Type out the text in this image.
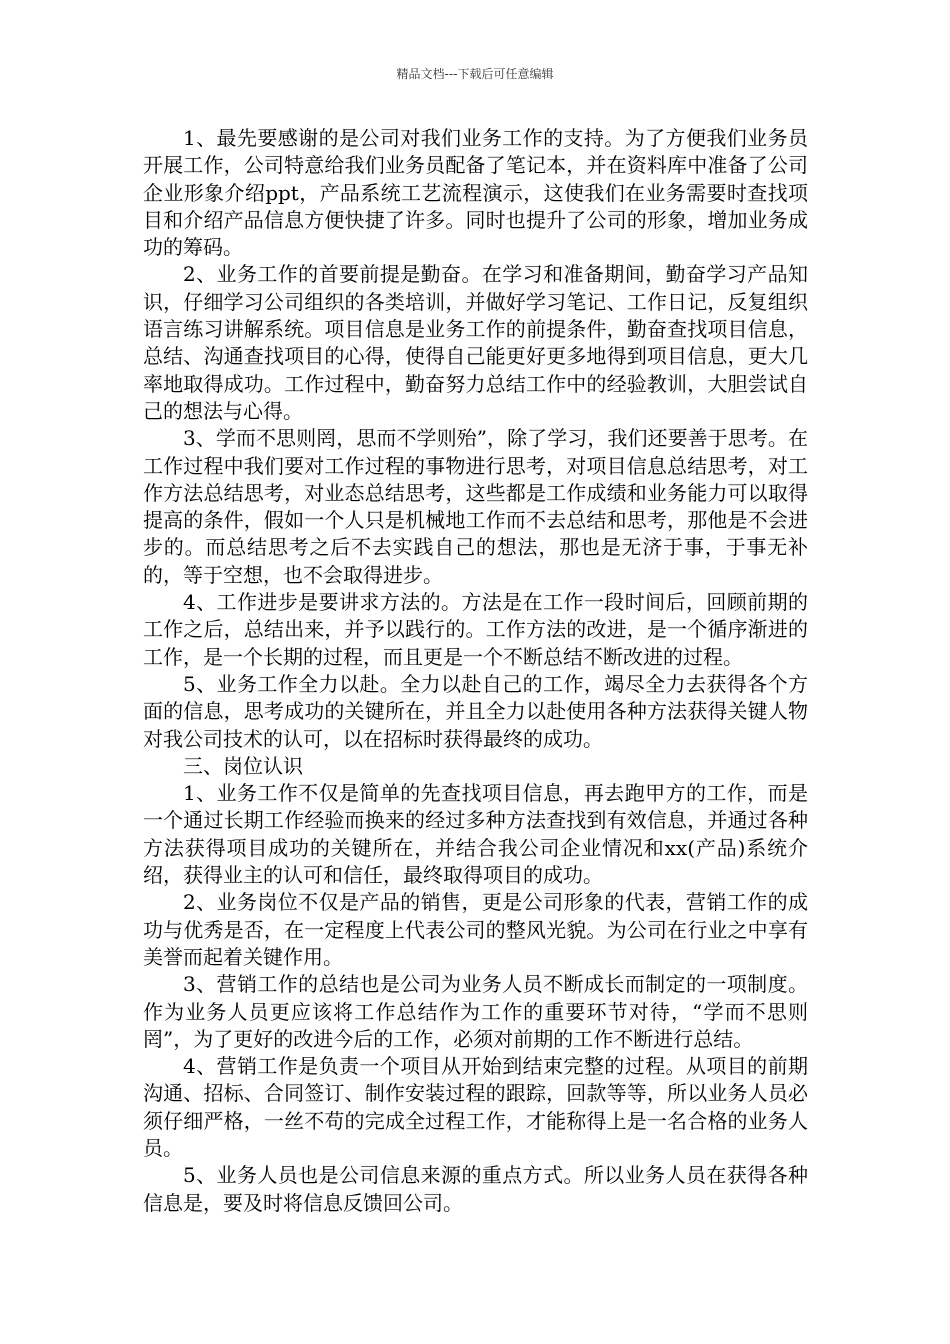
精品文档---下载后可任意编辑

1、最先要感谢的是公司对我们业务工作的支持。为了方便我们业务员开展工作，公司特意给我们业务员配备了笔记本，并在资料库中准备了公司企业形象介绍ppt，产品系统工艺流程演示，这使我们在业务需要时查找项目和介绍产品信息方便快捷了许多。同时也提升了公司的形象，增加业务成功的筹码。

2、业务工作的首要前提是勤奋。在学习和准备期间，勤奋学习产品知识，仔细学习公司组织的各类培训，并做好学习笔记、工作日记，反复组织语言练习讲解系统。项目信息是业务工作的前提条件，勤奋查找项目信息，总结、沟通查找项目的心得，使得自己能更好更多地得到项目信息，更大几率地取得成功。工作过程中，勤奋努力总结工作中的经验教训，大胆尝试自己的想法与心得。

3、学而不思则罔，思而不学则殆”，除了学习，我们还要善于思考。在工作过程中我们要对工作过程的事物进行思考，对项目信息总结思考，对工作方法总结思考，对业态总结思考，这些都是工作成绩和业务能力可以取得提高的条件，假如一个人只是机械地工作而不去总结和思考，那他是不会进步的。而总结思考之后不去实践自己的想法，那也是无济于事，于事无补的，等于空想，也不会取得进步。

4、工作进步是要讲求方法的。方法是在工作一段时间后，回顾前期的工作之后，总结出来，并予以践行的。工作方法的改进，是一个循序渐进的工作，是一个长期的过程，而且更是一个不断总结不断改进的过程。

5、业务工作全力以赴。全力以赴自己的工作，竭尽全力去获得各个方面的信息，思考成功的关键所在，并且全力以赴使用各种方法获得关键人物对我公司技术的认可，以在招标时获得最终的成功。

三、岗位认识

1、业务工作不仅是简单的先查找项目信息，再去跑甲方的工作，而是一个通过长期工作经验而换来的经过多种方法查找到有效信息，并通过各种方法获得项目成功的关键所在，并结合我公司企业情况和xx(产品)系统介绍，获得业主的认可和信任，最终取得项目的成功。

2、业务岗位不仅是产品的销售，更是公司形象的代表，营销工作的成功与优秀是否，在一定程度上代表公司的整风光貌。为公司在行业之中享有美誉而起着关键作用。

3、营销工作的总结也是公司为业务人员不断成长而制定的一项制度。作为业务人员更应该将工作总结作为工作的重要环节对待，“学而不思则罔”，为了更好的改进今后的工作，必须对前期的工作不断进行总结。

4、营销工作是负责一个项目从开始到结束完整的过程。从项目的前期沟通、招标、合同签订、制作安装过程的跟踪，回款等等，所以业务人员必须仔细严格，一丝不苟的完成全过程工作，才能称得上是一名合格的业务人员。

5、业务人员也是公司信息来源的重点方式。所以业务人员在获得各种信息是，要及时将信息反馈回公司。
